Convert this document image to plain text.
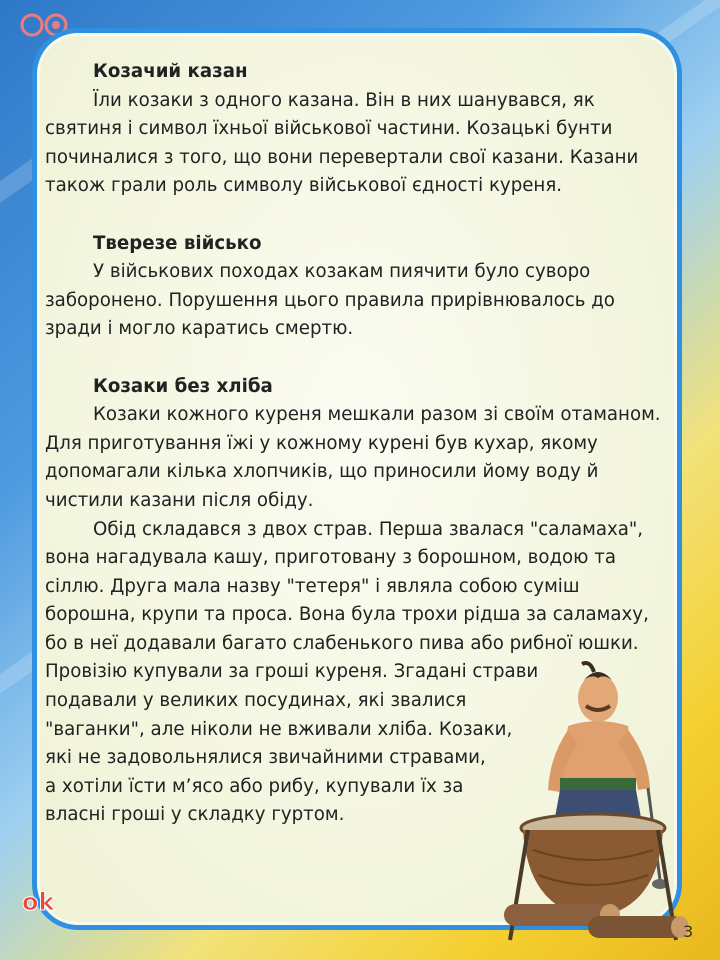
Козачий казан

Їли козаки з одного казана. Він в них шанувався, як святиня і символ їхньої військової частини. Козацькі бунти починалися з того, що вони перевертали свої казани. Казани також грали роль символу військової єдності куреня.

Тверезе військо

У військових походах козакам пиячити було суворо заборонено. Порушення цього правила прирівнювалось до зради і могло каратись смертю.

Козаки без хліба

Козаки кожного куреня мешкали разом зі своїм отаманом. Для приготування їжі у кожному курені був кухар, якому допомагали кілька хлопчиків, що приносили йому воду й чистили казани після обіду.

Обід складався з двох страв. Перша звалася "саламаха", вона нагадувала кашу, приготовану з борошном, водою та сіллю. Друга мала назву "тетеря" і являла собою суміш борошна, крупи та проса. Вона була трохи рідша за саламаху, бо в неї додавали багато слабенького пива або рибної юшки.

Провізію купували за гроші куреня. Згадані страви
подавали у великих посудинах, які звалися
"ваганки", але ніколи не вживали хліба. Козаки,
які не задовольнялися звичайними стравами,
а хотіли їсти м’ясо або рибу, купували їх за
власні гроші у складку гуртом.
ok
3
